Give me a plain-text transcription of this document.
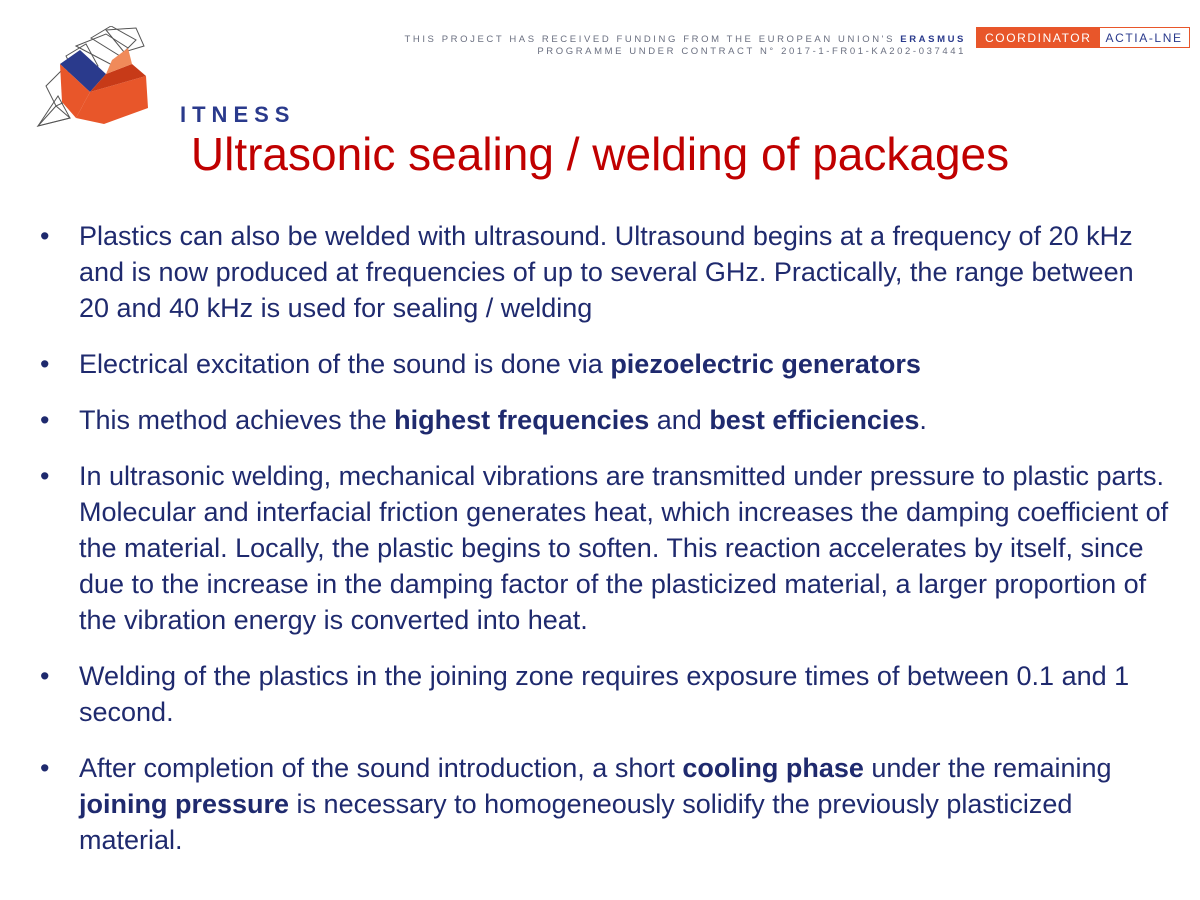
F ITNESS
THIS PROJECT HAS RECEIVED FUNDING FROM THE EUROPEAN UNION'S ERASMUS
PROGRAMME UNDER CONTRACT N° 2017-1-FR01-KA202-037441
COORDINATOR	ACTIA-LNE
Ultrasonic sealing / welding of packages
• Plastics can also be welded with ultrasound. Ultrasound begins at a frequency of 20 kHz and is now produced at frequencies of up to several GHz. Practically, the range between 20 and 40 kHz is used for sealing / welding
• Electrical excitation of the sound is done via piezoelectric generators
• This method achieves the highest frequencies and best efficiencies.
• In ultrasonic welding, mechanical vibrations are transmitted under pressure to plastic parts. Molecular and interfacial friction generates heat, which increases the damping coefficient of the material. Locally, the plastic begins to soften. This reaction accelerates by itself, since due to the increase in the damping factor of the plasticized material, a larger proportion of the vibration energy is converted into heat.
• Welding of the plastics in the joining zone requires exposure times of between 0.1 and 1 second.
• After completion of the sound introduction, a short cooling phase under the remaining joining pressure is necessary to homogeneously solidify the previously plasticized material.
